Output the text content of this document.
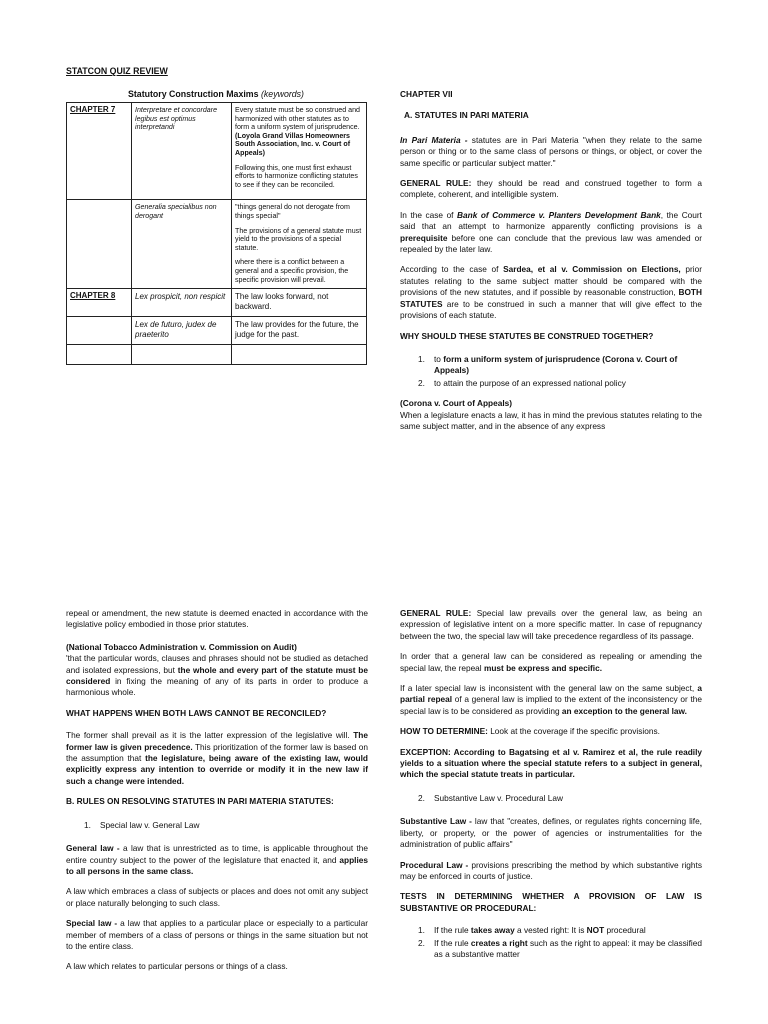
STATCON QUIZ REVIEW
Statutory Construction Maxims (keywords)
CHAPTER 7	Interpretare et concordare legibus est optimus interpretandi	Every statute must be so construed and harmonized with other statutes as to form a uniform system of jurisprudence. (Loyola Grand Villas Homeowners South Association, Inc. v. Court of Appeals)

Following this, one must first exhaust efforts to harmonize conflicting statutes to see if they can be reconciled.

	Generalia specialibus non derogant	"things general do not derogate from things special"

The provisions of a general statute must yield to the provisions of a special statute.

where there is a conflict between a general and a specific provision, the specific provision will prevail.

CHAPTER 8	Lex prospicit, non respicit	The law looks forward, not backward.
	Lex de futuro, judex de praeterito	The law provides for the future, the judge for the past.

CHAPTER VII

A. STATUTES IN PARI MATERIA

In Pari Materia - statutes are in Pari Materia "when they relate to the same person or thing or to the same class of persons or things, or object, or cover the same specific or particular subject matter."

GENERAL RULE: they should be read and construed together to form a complete, coherent, and intelligible system.

In the case of Bank of Commerce v. Planters Development Bank, the Court said that an attempt to harmonize apparently conflicting provisions is a prerequisite before one can conclude that the previous law was amended or repealed by the later law.

According to the case of Sardea, et al v. Commission on Elections, prior statutes relating to the same subject matter should be compared with the provisions of the new statutes, and if possible by reasonable construction, BOTH STATUTES are to be construed in such a manner that will give effect to the provisions of each statute.

WHY SHOULD THESE STATUTES BE CONSTRUED TOGETHER?

1. to form a uniform system of jurisprudence (Corona v. Court of Appeals)
2. to attain the purpose of an expressed national policy

(Corona v. Court of Appeals)
When a legislature enacts a law, it has in mind the previous statutes relating to the same subject matter, and in the absence of any express

repeal or amendment, the new statute is deemed enacted in accordance with the legislative policy embodied in those prior statutes.

(National Tobacco Administration v. Commission on Audit)
'that the particular words, clauses and phrases should not be studied as detached and isolated expressions, but the whole and every part of the statute must be considered in fixing the meaning of any of its parts in order to produce a harmonious whole.

WHAT HAPPENS WHEN BOTH LAWS CANNOT BE RECONCILED?

The former shall prevail as it is the latter expression of the legislative will. The former law is given precedence. This prioritization of the former law is based on the assumption that the legislature, being aware of the existing law, would explicitly express any intention to override or modify it in the new law if such a change were intended.

B. RULES ON RESOLVING STATUTES IN PARI MATERIA STATUTES:

1. Special law v. General Law

General law - a law that is unrestricted as to time, is applicable throughout the entire country subject to the power of the legislature that enacted it, and applies to all persons in the same class.

A law which embraces a class of subjects or places and does not omit any subject or place naturally belonging to such class.

Special law - a law that applies to a particular place or especially to a particular member of members of a class of persons or things in the same situation but not to the entire class.

A law which relates to particular persons or things of a class.

GENERAL RULE: Special law prevails over the general law, as being an expression of legislative intent on a more specific matter. In case of repugnancy between the two, the special law will take precedence regardless of its passage.

In order that a general law can be considered as repealing or amending the special law, the repeal must be express and specific.

If a later special law is inconsistent with the general law on the same subject, a partial repeal of a general law is implied to the extent of the inconsistency or the special law is to be considered as providing an exception to the general law.

HOW TO DETERMINE: Look at the coverage if the specific provisions.

EXCEPTION: According to Bagatsing et al v. Ramirez et al, the rule readily yields to a situation where the special statute refers to a subject in general, which the special statute treats in particular.

2. Substantive Law v. Procedural Law

Substantive Law - law that "creates, defines, or regulates rights concerning life, liberty, or property, or the power of agencies or instrumentalities for the administration of public affairs"

Procedural Law - provisions prescribing the method by which substantive rights may be enforced in courts of justice.

TESTS IN DETERMINING WHETHER A PROVISION OF LAW IS SUBSTANTIVE OR PROCEDURAL:

1. If the rule takes away a vested right: It is NOT procedural
2. If the rule creates a right such as the right to appeal: it may be classified as a substantive matter
